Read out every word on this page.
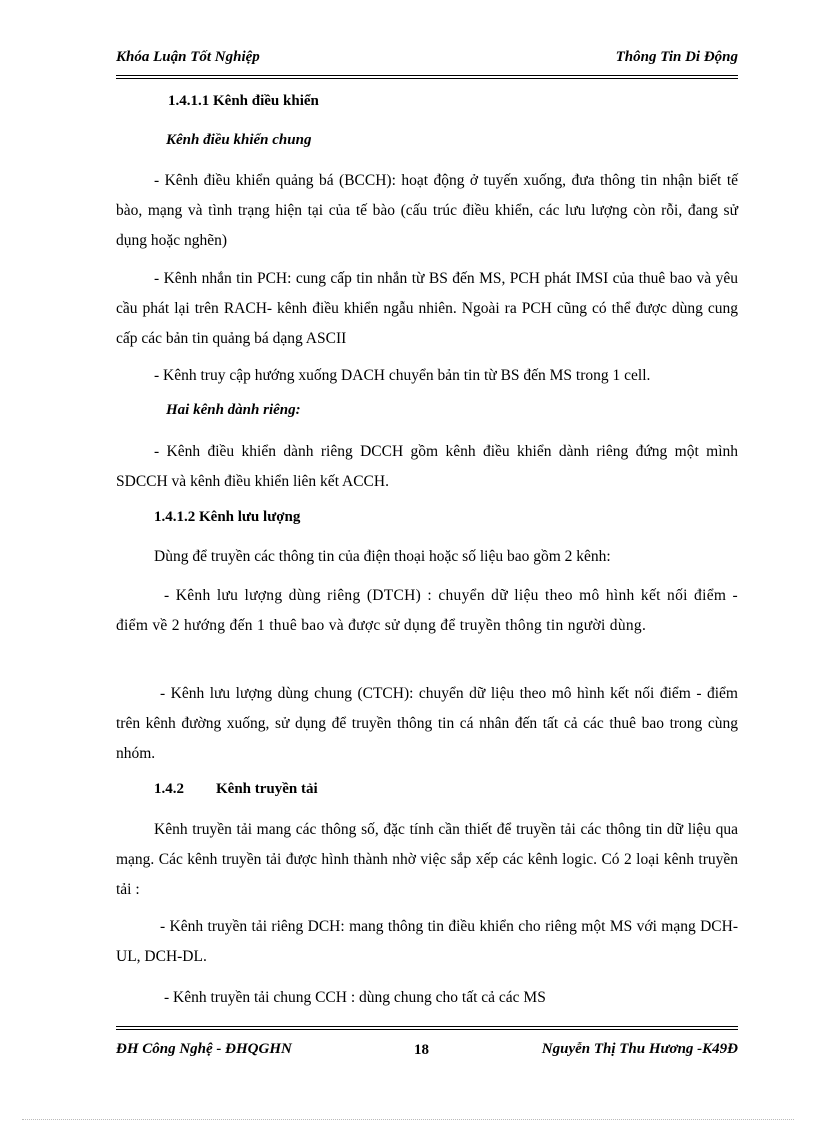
Khóa Luận Tốt Nghiệp	Thông Tin Di Động

1.4.1.1 Kênh điều khiển

Kênh điều khiển chung

- Kênh điều khiển quảng bá (BCCH): hoạt động ở tuyến xuống, đưa thông tin nhận biết tế bào, mạng và tình trạng hiện tại của tế bào (cấu trúc điều khiển, các lưu lượng còn rỗi, đang sử dụng hoặc nghẽn)

- Kênh nhắn tin PCH: cung cấp tin nhắn từ BS đến MS, PCH phát IMSI của thuê bao và yêu cầu phát lại trên RACH- kênh điều khiển ngẫu nhiên. Ngoài ra PCH cũng có thể được dùng cung cấp các bản tin quảng bá dạng ASCII

- Kênh truy cập hướng xuống DACH chuyển bản tin từ BS đến MS trong 1 cell.

Hai kênh dành riêng:

- Kênh điều khiển dành riêng DCCH gồm kênh điều khiển dành riêng đứng một mình SDCCH và kênh điều khiển liên kết ACCH.

1.4.1.2 Kênh lưu lượng

Dùng để truyền các thông tin của điện thoại hoặc số liệu bao gồm 2 kênh:

- Kênh lưu lượng dùng riêng (DTCH) : chuyển dữ liệu theo mô hình kết nối điểm - điểm về 2 hướng đến 1 thuê bao và được sử dụng để truyền thông tin người dùng.

- Kênh lưu lượng dùng chung (CTCH): chuyển dữ liệu theo mô hình kết nối điểm - điểm trên kênh đường xuống, sử dụng để truyền thông tin cá nhân đến tất cả các thuê bao trong cùng nhóm.

1.4.2 Kênh truyền tải

Kênh truyền tải mang các thông số, đặc tính cần thiết để truyền tải các thông tin dữ liệu qua mạng. Các kênh truyền tải được hình thành nhờ việc sắp xếp các kênh logic. Có 2 loại kênh truyền tải :

- Kênh truyền tải riêng DCH: mang thông tin điều khiển cho riêng một MS với mạng DCH-UL, DCH-DL.

- Kênh truyền tải chung CCH : dùng chung cho tất cả các MS

ĐH Công Nghệ - ĐHQGHN	18	Nguyễn Thị Thu Hương -K49Đ
